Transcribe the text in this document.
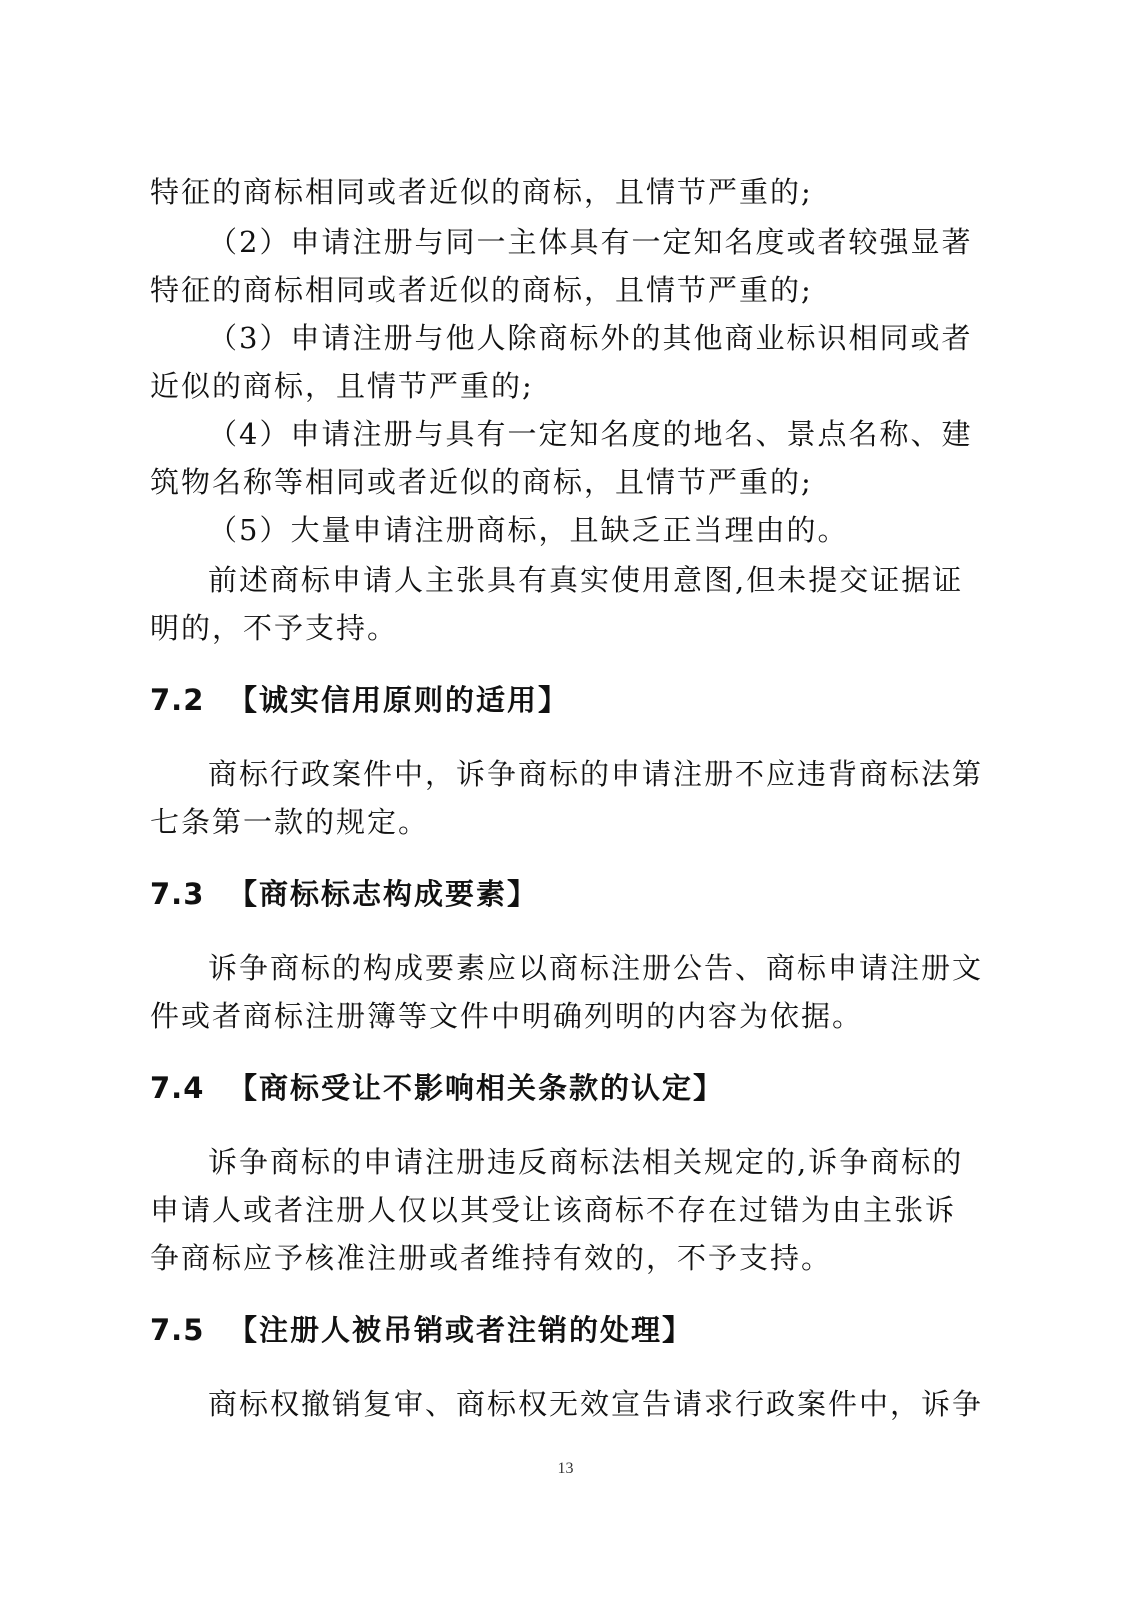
特征的商标相同或者近似的商标，且情节严重的;
（2）申请注册与同一主体具有一定知名度或者较强显著
特征的商标相同或者近似的商标，且情节严重的;
（3）申请注册与他人除商标外的其他商业标识相同或者
近似的商标，且情节严重的;
（4）申请注册与具有一定知名度的地名、景点名称、建
筑物名称等相同或者近似的商标，且情节严重的;
（5）大量申请注册商标，且缺乏正当理由的。
前述商标申请人主张具有真实使用意图,但未提交证据证
明的，不予支持。
7.2 【诚实信用原则的适用】
商标行政案件中，诉争商标的申请注册不应违背商标法第
七条第一款的规定。
7.3 【商标标志构成要素】
诉争商标的构成要素应以商标注册公告、商标申请注册文
件或者商标注册簿等文件中明确列明的内容为依据。
7.4 【商标受让不影响相关条款的认定】
诉争商标的申请注册违反商标法相关规定的,诉争商标的
申请人或者注册人仅以其受让该商标不存在过错为由主张诉
争商标应予核准注册或者维持有效的，不予支持。
7.5 【注册人被吊销或者注销的处理】
商标权撤销复审、商标权无效宣告请求行政案件中，诉争
13
